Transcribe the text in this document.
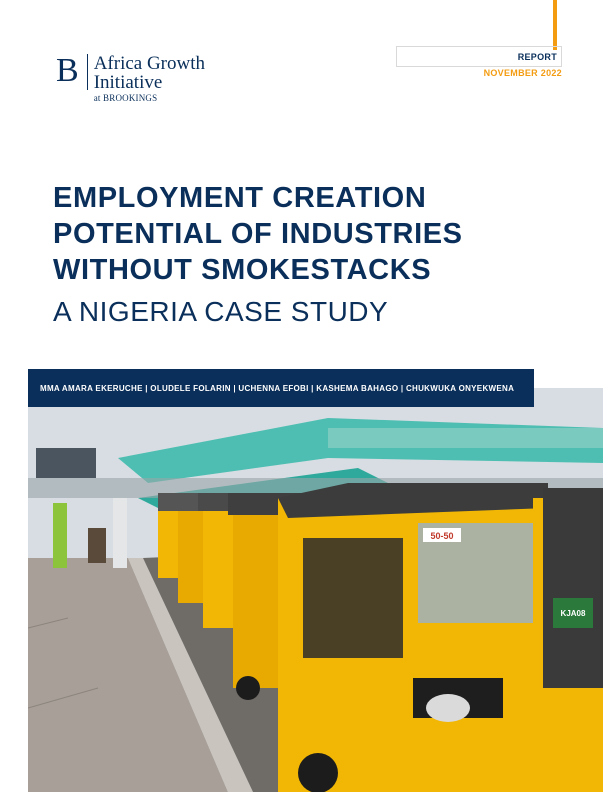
B Africa Growth
Initiative
at BROOKINGS
REPORT
NOVEMBER 2022
EMPLOYMENT CREATION
POTENTIAL OF INDUSTRIES
WITHOUT SMOKESTACKS
A NIGERIA CASE STUDY
MMA AMARA EKERUCHE | OLUDELE FOLARIN | UCHENNA EFOBI | KASHEMA BAHAGO | CHUKWUKA ONYEKWENA
50-50
KJA08
